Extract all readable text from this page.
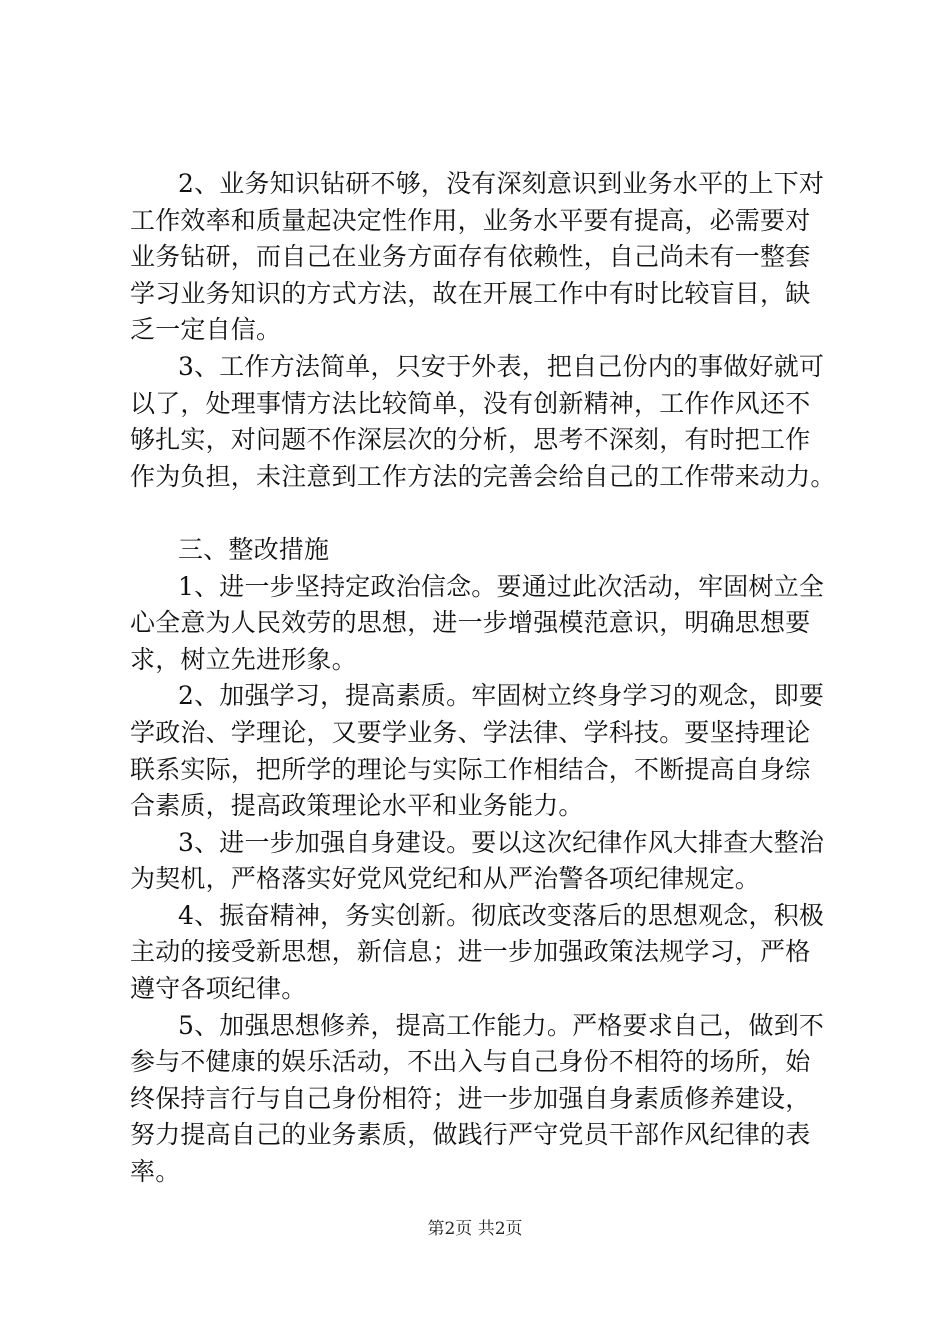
2、业务知识钻研不够，没有深刻意识到业务水平的上下对
工作效率和质量起决定性作用，业务水平要有提高，必需要对
业务钻研，而自己在业务方面存有依赖性，自己尚未有一整套
学习业务知识的方式方法，故在开展工作中有时比较盲目，缺
乏一定自信。
3、工作方法简单，只安于外表，把自己份内的事做好就可
以了，处理事情方法比较简单，没有创新精神，工作作风还不
够扎实，对问题不作深层次的分析，思考不深刻，有时把工作
作为负担，未注意到工作方法的完善会给自己的工作带来动力。
三、整改措施
1、进一步坚持定政治信念。要通过此次活动，牢固树立全
心全意为人民效劳的思想，进一步增强模范意识，明确思想要
求，树立先进形象。
2、加强学习，提高素质。牢固树立终身学习的观念，即要
学政治、学理论，又要学业务、学法律、学科技。要坚持理论
联系实际，把所学的理论与实际工作相结合，不断提高自身综
合素质，提高政策理论水平和业务能力。
3、进一步加强自身建设。要以这次纪律作风大排查大整治
为契机，严格落实好党风党纪和从严治警各项纪律规定。
4、振奋精神，务实创新。彻底改变落后的思想观念，积极
主动的接受新思想，新信息；进一步加强政策法规学习，严格
遵守各项纪律。
5、加强思想修养，提高工作能力。严格要求自己，做到不
参与不健康的娱乐活动，不出入与自己身份不相符的场所，始
终保持言行与自己身份相符；进一步加强自身素质修养建设，
努力提高自己的业务素质，做践行严守党员干部作风纪律的表
率。
第2页 共2页
